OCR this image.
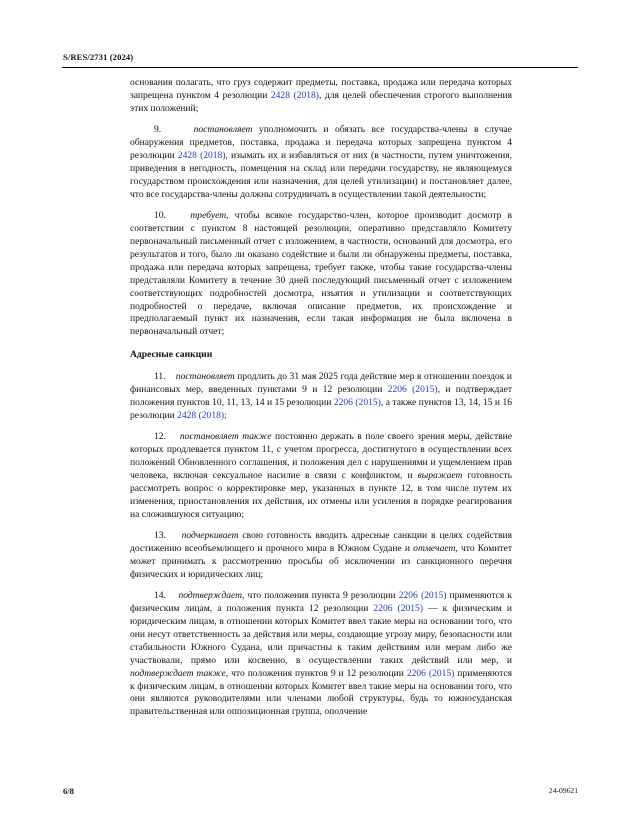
S/RES/2731 (2024)

основания полагать, что груз содержит предметы, поставка, продажа или передача которых запрещена пунктом 4 резолюции 2428 (2018), для целей обеспечения строгого выполнения этих положений;

9.	постановляет уполномочить и обязать все государства-члены в случае обнаружения предметов, поставка, продажа и передача которых запрещена пунктом 4 резолюции 2428 (2018), изымать их и избавляться от них (в частности, путем уничтожения, приведения в негодность, помещения на склад или передачи государству, не являющемуся государством происхождения или назначения, для целей утилизации) и постановляет далее, что все государства-члены должны сотрудничать в осуществлении такой деятельности;

10.	требует, чтобы всякое государство-член, которое производит досмотр в соответствии с пунктом 8 настоящей резолюции, оперативно представляло Комитету первоначальный письменный отчет с изложением, в частности, оснований для досмотра, его результатов и того, было ли оказано содействие и были ли обнаружены предметы, поставка, продажа или передача которых запрещена, требует также, чтобы такие государства-члены представляли Комитету в течение 30 дней последующий письменный отчет с изложением соответствующих подробностей досмотра, изъятия и утилизации и соответствующих подробностей о передаче, включая описание предметов, их происхождение и предполагаемый пункт их назначения, если такая информация не была включена в первоначальный отчет;

Адресные санкции

11. постановляет продлить до 31 мая 2025 года действие мер в отношении поездок и финансовых мер, введенных пунктами 9 и 12 резолюции 2206 (2015), и подтверждает положения пунктов 10, 11, 13, 14 и 15 резолюции 2206 (2015), а также пунктов 13, 14, 15 и 16 резолюции 2428 (2018);

12. постановляет также постоянно держать в поле своего зрения меры, действие которых продлевается пунктом 11, с учетом прогресса, достигнутого в осуществлении всех положений Обновленного соглашения, и положения дел с нарушениями и ущемлением прав человека, включая сексуальное насилие в связи с конфликтом, и выражает готовность рассмотреть вопрос о корректировке мер, указанных в пункте 12, в том числе путем их изменения, приостановления их действия, их отмены или усиления в порядке реагирования на сложившуюся ситуацию;

13. подчеркивает свою готовность вводить адресные санкции в целях содействия достижению всеобъемлющего и прочного мира в Южном Судане и отмечает, что Комитет может принимать к рассмотрению просьбы об исключении из санкционного перечня физических и юридических лиц;

14. подтверждает, что положения пункта 9 резолюции 2206 (2015) применяются к физическим лицам, а положения пункта 12 резолюции 2206 (2015) — к физическим и юридическим лицам, в отношении которых Комитет ввел такие меры на основании того, что они несут ответственность за действия или меры, создающие угрозу миру, безопасности или стабильности Южного Судана, или причастны к таким действиям или мерам либо же участвовали, прямо или косвенно, в осуществлении таких действий или мер, и подтверждает также, что положения пунктов 9 и 12 резолюции 2206 (2015) применяются к физическим лицам, в отношении которых Комитет ввел такие меры на основании того, что они являются руководителями или членами любой структуры, будь то южносуданская правительственная или оппозиционная группа, ополчение

6/8	24-09621
